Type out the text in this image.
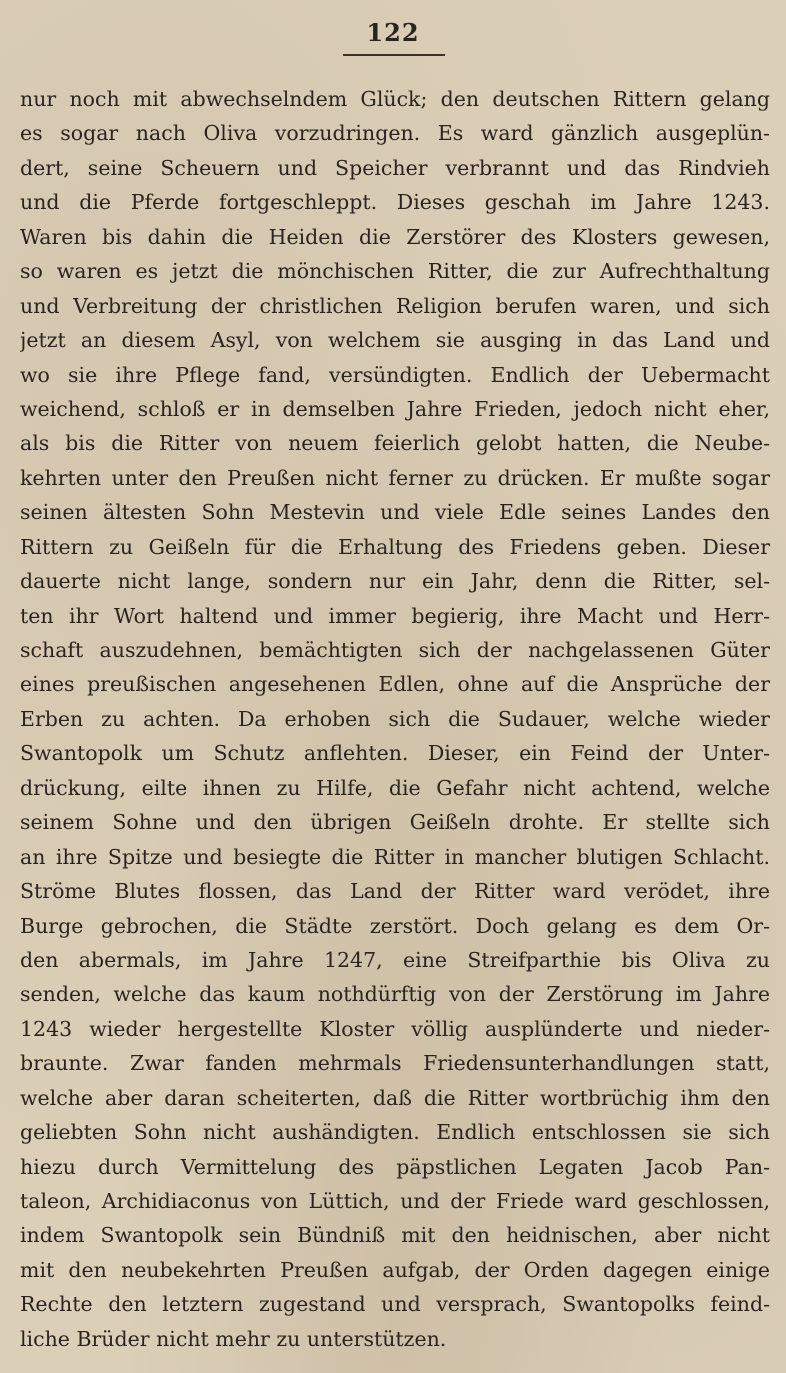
122
nur noch mit abwechselndem Glück; den deutschen Rittern gelang
es sogar nach Oliva vorzudringen. Es ward gänzlich ausgeplün-
dert, seine Scheuern und Speicher verbrannt und das Rindvieh
und die Pferde fortgeschleppt. Dieses geschah im Jahre 1243.
Waren bis dahin die Heiden die Zerstörer des Klosters gewesen,
so waren es jetzt die mönchischen Ritter, die zur Aufrechthaltung
und Verbreitung der christlichen Religion berufen waren, und sich
jetzt an diesem Asyl, von welchem sie ausging in das Land und
wo sie ihre Pflege fand, versündigten. Endlich der Uebermacht
weichend, schloß er in demselben Jahre Frieden, jedoch nicht eher,
als bis die Ritter von neuem feierlich gelobt hatten, die Neube-
kehrten unter den Preußen nicht ferner zu drücken. Er mußte sogar
seinen ältesten Sohn Mestevin und viele Edle seines Landes den
Rittern zu Geißeln für die Erhaltung des Friedens geben. Dieser
dauerte nicht lange, sondern nur ein Jahr, denn die Ritter, sel-
ten ihr Wort haltend und immer begierig, ihre Macht und Herr-
schaft auszudehnen, bemächtigten sich der nachgelassenen Güter
eines preußischen angesehenen Edlen, ohne auf die Ansprüche der
Erben zu achten. Da erhoben sich die Sudauer, welche wieder
Swantopolk um Schutz anflehten. Dieser, ein Feind der Unter-
drückung, eilte ihnen zu Hilfe, die Gefahr nicht achtend, welche
seinem Sohne und den übrigen Geißeln drohte. Er stellte sich
an ihre Spitze und besiegte die Ritter in mancher blutigen Schlacht.
Ströme Blutes flossen, das Land der Ritter ward verödet, ihre
Burge gebrochen, die Städte zerstört. Doch gelang es dem Or-
den abermals, im Jahre 1247, eine Streifparthie bis Oliva zu
senden, welche das kaum nothdürftig von der Zerstörung im Jahre
1243 wieder hergestellte Kloster völlig ausplünderte und nieder-
braunte. Zwar fanden mehrmals Friedensunterhandlungen statt,
welche aber daran scheiterten, daß die Ritter wortbrüchig ihm den
geliebten Sohn nicht aushändigten. Endlich entschlossen sie sich
hiezu durch Vermittelung des päpstlichen Legaten Jacob Pan-
taleon, Archidiaconus von Lüttich, und der Friede ward geschlossen,
indem Swantopolk sein Bündniß mit den heidnischen, aber nicht
mit den neubekehrten Preußen aufgab, der Orden dagegen einige
Rechte den letztern zugestand und versprach, Swantopolks feind-
liche Brüder nicht mehr zu unterstützen.
